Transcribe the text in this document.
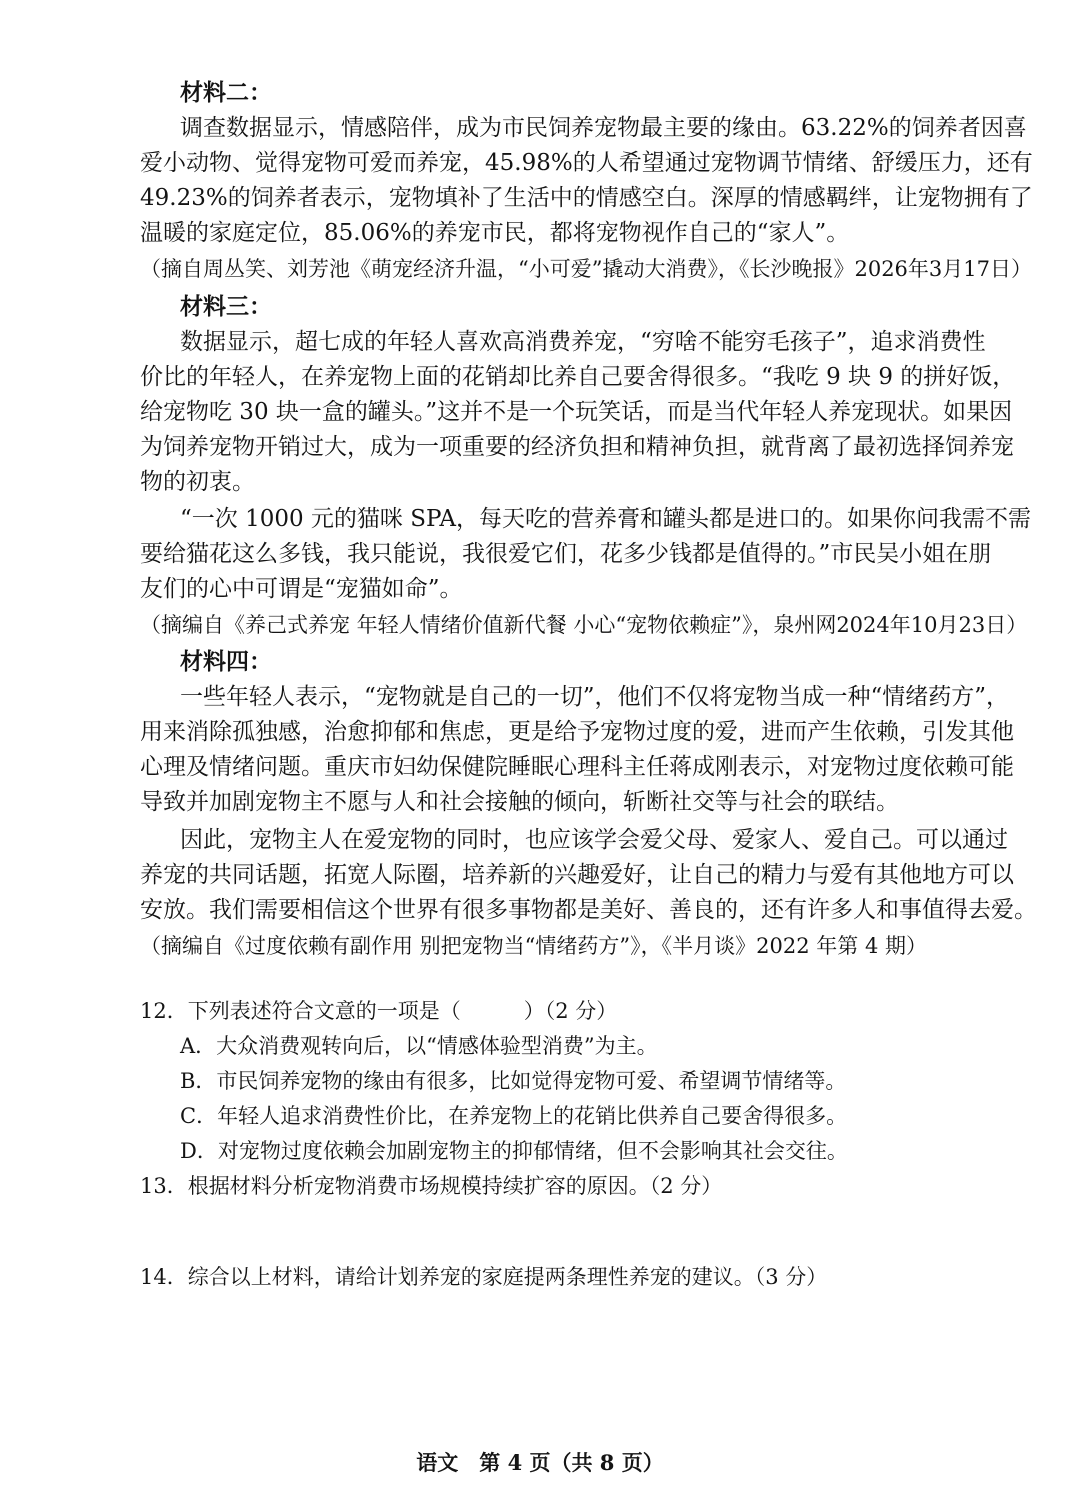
材料二：
调查数据显示，情感陪伴，成为市民饲养宠物最主要的缘由。63.22%的饲养者因喜
爱小动物、觉得宠物可爱而养宠，45.98%的人希望通过宠物调节情绪、舒缓压力，还有
49.23%的饲养者表示，宠物填补了生活中的情感空白。深厚的情感羁绊，让宠物拥有了
温暖的家庭定位，85.06%的养宠市民，都将宠物视作自己的“家人”。
（摘自周丛笑、刘芳池《萌宠经济升温，“小可爱”撬动大消费》，《长沙晚报》2026年3月17日）
材料三：
数据显示，超七成的年轻人喜欢高消费养宠，“穷啥不能穷毛孩子”，追求消费性
价比的年轻人，在养宠物上面的花销却比养自己要舍得很多。“我吃 9 块 9 的拼好饭，
给宠物吃 30 块一盒的罐头。”这并不是一个玩笑话，而是当代年轻人养宠现状。如果因
为饲养宠物开销过大，成为一项重要的经济负担和精神负担，就背离了最初选择饲养宠
物的初衷。
“一次 1000 元的猫咪 SPA，每天吃的营养膏和罐头都是进口的。如果你问我需不需
要给猫花这么多钱，我只能说，我很爱它们，花多少钱都是值得的。”市民吴小姐在朋
友们的心中可谓是“宠猫如命”。
（摘编自《养己式养宠 年轻人情绪价值新代餐 小心“宠物依赖症”》，泉州网2024年10月23日）
材料四：
一些年轻人表示，“宠物就是自己的一切”，他们不仅将宠物当成一种“情绪药方”，
用来消除孤独感，治愈抑郁和焦虑，更是给予宠物过度的爱，进而产生依赖，引发其他
心理及情绪问题。重庆市妇幼保健院睡眠心理科主任蒋成刚表示，对宠物过度依赖可能
导致并加剧宠物主不愿与人和社会接触的倾向，斩断社交等与社会的联结。
因此，宠物主人在爱宠物的同时，也应该学会爱父母、爱家人、爱自己。可以通过
养宠的共同话题，拓宽人际圈，培养新的兴趣爱好，让自己的精力与爱有其他地方可以
安放。我们需要相信这个世界有很多事物都是美好、善良的，还有许多人和事值得去爱。
（摘编自《过度依赖有副作用 别把宠物当“情绪药方”》，《半月谈》2022 年第 4 期）
12．下列表述符合文意的一项是（　　　）（2 分）
A．大众消费观转向后，以“情感体验型消费”为主。
B．市民饲养宠物的缘由有很多，比如觉得宠物可爱、希望调节情绪等。
C．年轻人追求消费性价比，在养宠物上的花销比供养自己要舍得很多。
D．对宠物过度依赖会加剧宠物主的抑郁情绪，但不会影响其社会交往。
13．根据材料分析宠物消费市场规模持续扩容的原因。（2 分）
14．综合以上材料，请给计划养宠的家庭提两条理性养宠的建议。（3 分）
语文　第 4 页（共 8 页）
